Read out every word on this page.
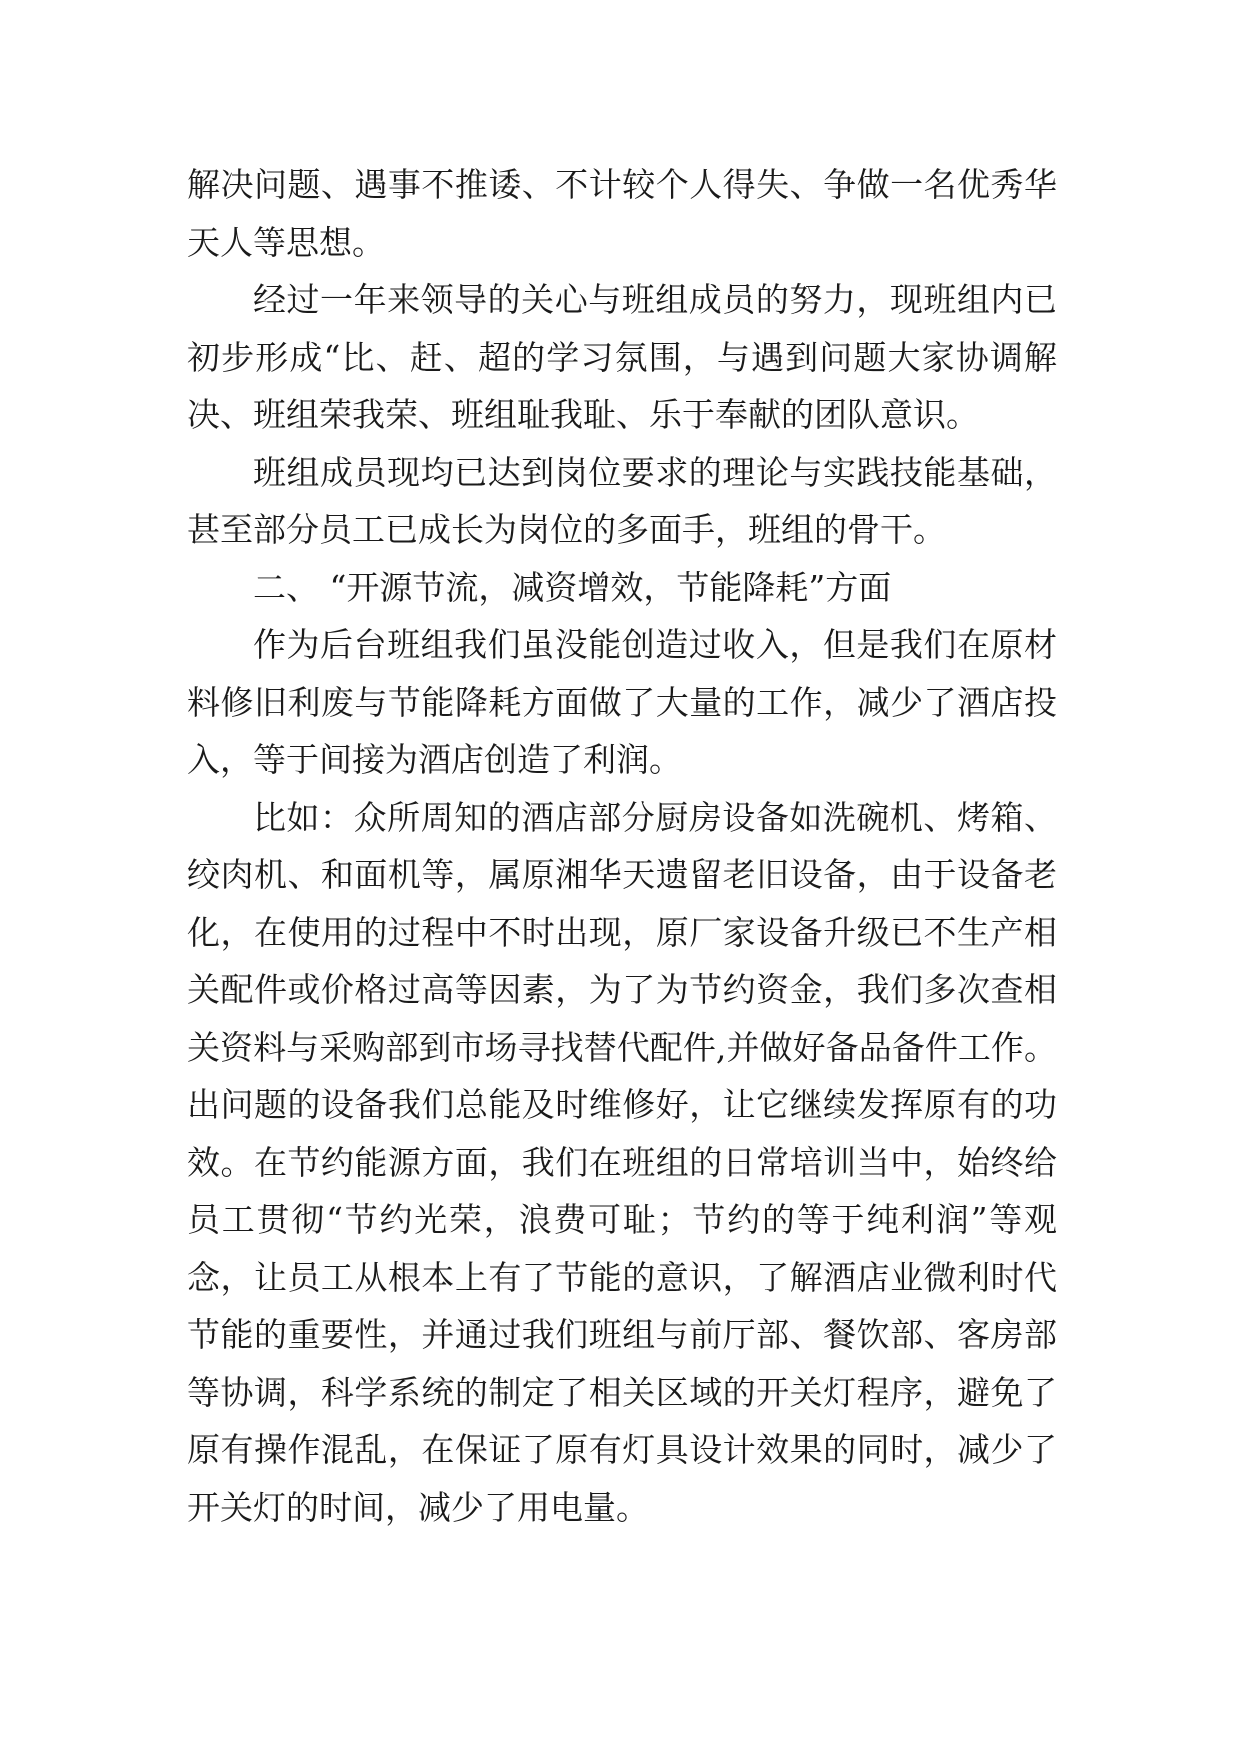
解决问题、遇事不推诿、不计较个人得失、争做一名优秀华
天人等思想。
经过一年来领导的关心与班组成员的努力，现班组内已
初步形成“比、赶、超的学习氛围，与遇到问题大家协调解
决、班组荣我荣、班组耻我耻、乐于奉献的团队意识。
班组成员现均已达到岗位要求的理论与实践技能基础，
甚至部分员工已成长为岗位的多面手，班组的骨干。
二、 “开源节流，减资增效，节能降耗”方面
作为后台班组我们虽没能创造过收入，但是我们在原材
料修旧利废与节能降耗方面做了大量的工作，减少了酒店投
入，等于间接为酒店创造了利润。
比如：众所周知的酒店部分厨房设备如洗碗机、烤箱、
绞肉机、和面机等，属原湘华天遗留老旧设备，由于设备老
化，在使用的过程中不时出现，原厂家设备升级已不生产相
关配件或价格过高等因素，为了为节约资金，我们多次查相
关资料与采购部到市场寻找替代配件,并做好备品备件工作。
出问题的设备我们总能及时维修好，让它继续发挥原有的功
效。在节约能源方面，我们在班组的日常培训当中，始终给
员工贯彻“节约光荣，浪费可耻；节约的等于纯利润”等观
念，让员工从根本上有了节能的意识，了解酒店业微利时代
节能的重要性，并通过我们班组与前厅部、餐饮部、客房部
等协调，科学系统的制定了相关区域的开关灯程序，避免了
原有操作混乱，在保证了原有灯具设计效果的同时，减少了
开关灯的时间，减少了用电量。
